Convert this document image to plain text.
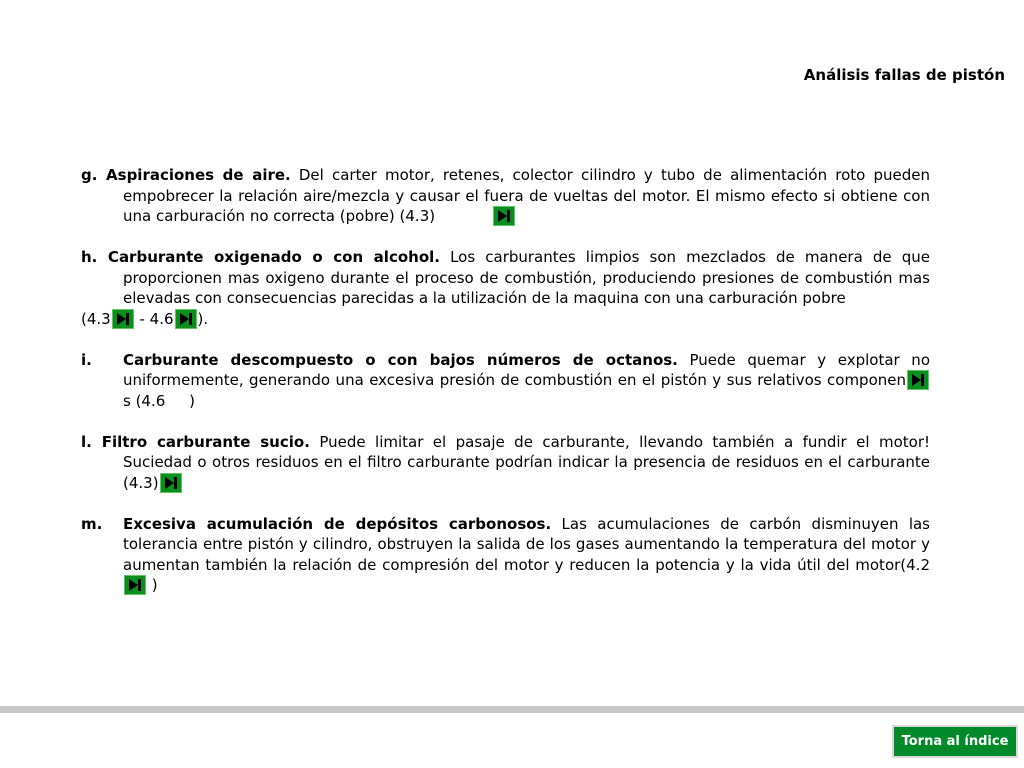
Análisis fallas de pistón
g. Aspiraciones de aire. Del carter motor, retenes, colector cilindro y tubo de alimentación roto pueden empobrecer la relación aire/mezcla y causar el fuera de vueltas del motor. El mismo efecto si obtiene con una carburación no correcta (pobre) (4.3)
h. Carburante oxigenado o con alcohol. Los carburantes limpios son mezclados de manera de que proporcionen mas oxigeno durante el proceso de combustión, produciendo presiones de combustión mas elevadas con consecuencias parecidas a la utilización de la maquina con una carburación pobre
(4.3
- 4.6 ).
i. Carburante descompuesto o con bajos números de octanos. Puede quemar y explotar no uniformemente, generando una excesiva presión de combustión en el pistón y sus relativos componen
s (4.6     )
l. Filtro carburante sucio. Puede limitar el pasaje de carburante, llevando también a fundir el motor! Suciedad o otros residuos en el filtro carburante podrían indicar la presencia de residuos en el carburante (4.3)
m. Excesiva acumulación de depósitos carbonosos. Las acumulaciones de carbón disminuyen las tolerancia entre pistón y cilindro, obstruyen la salida de los gases aumentando la temperatura del motor y aumentan también la relación de compresión del motor y reducen la potencia y la vida útil del motor(4.2
)
Torna al índice
